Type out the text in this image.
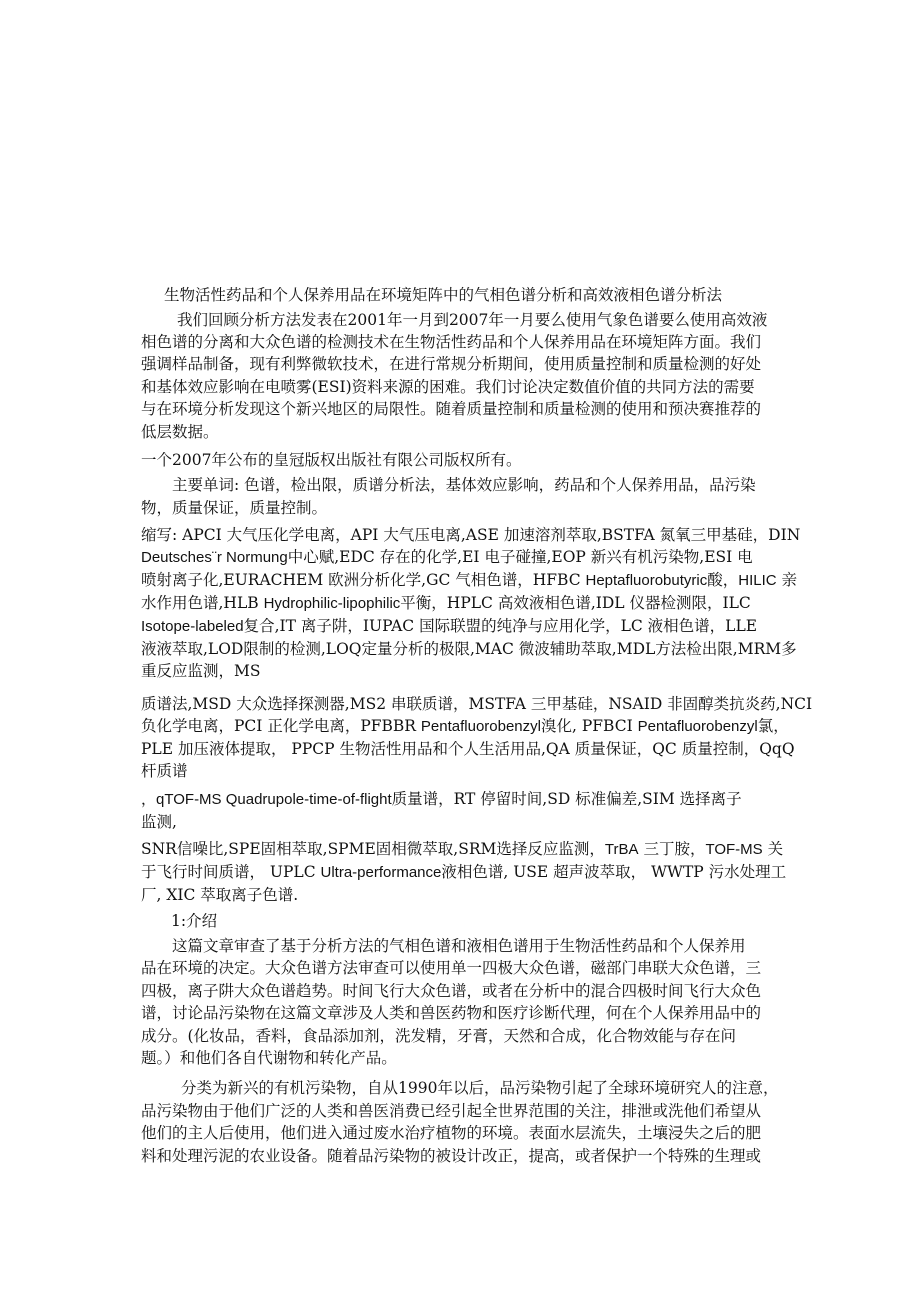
生物活性药品和个人保养用品在环境矩阵中的气相色谱分析和高效液相色谱分析法

我们回顾分析方法发表在2001年一月到2007年一月要么使用气象色谱要么使用高效液

相色谱的分离和大众色谱的检测技术在生物活性药品和个人保养用品在环境矩阵方面。我们

强调样品制备，现有利弊微软技术，在进行常规分析期间，使用质量控制和质量检测的好处

和基体效应影响在电喷雾(ESI)资料来源的困难。我们讨论决定数值价值的共同方法的需要

与在环境分析发现这个新兴地区的局限性。随着质量控制和质量检测的使用和预决赛推荐的

低层数据。

一个2007年公布的皇冠版权出版社有限公司版权所有。

主要单词: 色谱，检出限，质谱分析法，基体效应影响，药品和个人保养用品，品污染

物，质量保证，质量控制。

缩写: APCI 大气压化学电离，API 大气压电离,ASE 加速溶剂萃取,BSTFA 氮氧三甲基硅，DIN

Deutsches¨r Normung中心赋,EDC 存在的化学,EI 电子碰撞,EOP 新兴有机污染物,ESI 电

喷射离子化,EURACHEM 欧洲分析化学,GC 气相色谱，HFBC Heptafluorobutyric酸，HILIC 亲

水作用色谱,HLB Hydrophilic-lipophilic平衡，HPLC 高效液相色谱,IDL 仪器检测限，ILC

Isotope-labeled复合,IT 离子阱，IUPAC 国际联盟的纯净与应用化学，LC 液相色谱，LLE

液液萃取,LOD限制的检测,LOQ定量分析的极限,MAC 微波辅助萃取,MDL方法检出限,MRM多

重反应监测，MS

质谱法,MSD 大众选择探测器,MS2 串联质谱，MSTFA 三甲基硅，NSAID 非固醇类抗炎药,NCI

负化学电离，PCI 正化学电离，PFBBR Pentafluorobenzyl溴化, PFBCI Pentafluorobenzyl氯，

PLE 加压液体提取， PPCP 生物活性用品和个人生活用品,QA 质量保证，QC 质量控制，QqQ

杆质谱

，qTOF-MS Quadrupole-time-of-flight质量谱，RT 停留时间,SD 标准偏差,SIM 选择离子

监测,

SNR信噪比,SPE固相萃取,SPME固相微萃取,SRM选择反应监测，TrBA 三丁胺，TOF-MS 关

于飞行时间质谱， UPLC Ultra-performance液相色谱, USE 超声波萃取， WWTP 污水处理工

厂, XIC 萃取离子色谱.

1:介绍

这篇文章审查了基于分析方法的气相色谱和液相色谱用于生物活性药品和个人保养用

品在环境的决定。大众色谱方法审查可以使用单一四极大众色谱，磁部门串联大众色谱，三

四极，离子阱大众色谱趋势。时间飞行大众色谱，或者在分析中的混合四极时间飞行大众色

谱，讨论品污染物在这篇文章涉及人类和兽医药物和医疗诊断代理，何在个人保养用品中的

成分。(化妆品，香料，食品添加剂，洗发精，牙膏，天然和合成，化合物效能与存在问

题。）和他们各自代谢物和转化产品。

分类为新兴的有机污染物，自从1990年以后，品污染物引起了全球环境研究人的注意，

品污染物由于他们广泛的人类和兽医消费已经引起全世界范围的关注，排泄或洗他们希望从

他们的主人后使用，他们进入通过废水治疗植物的环境。表面水层流失，土壤浸失之后的肥

料和处理污泥的农业设备。随着品污染物的被设计改正，提高，或者保护一个特殊的生理或
